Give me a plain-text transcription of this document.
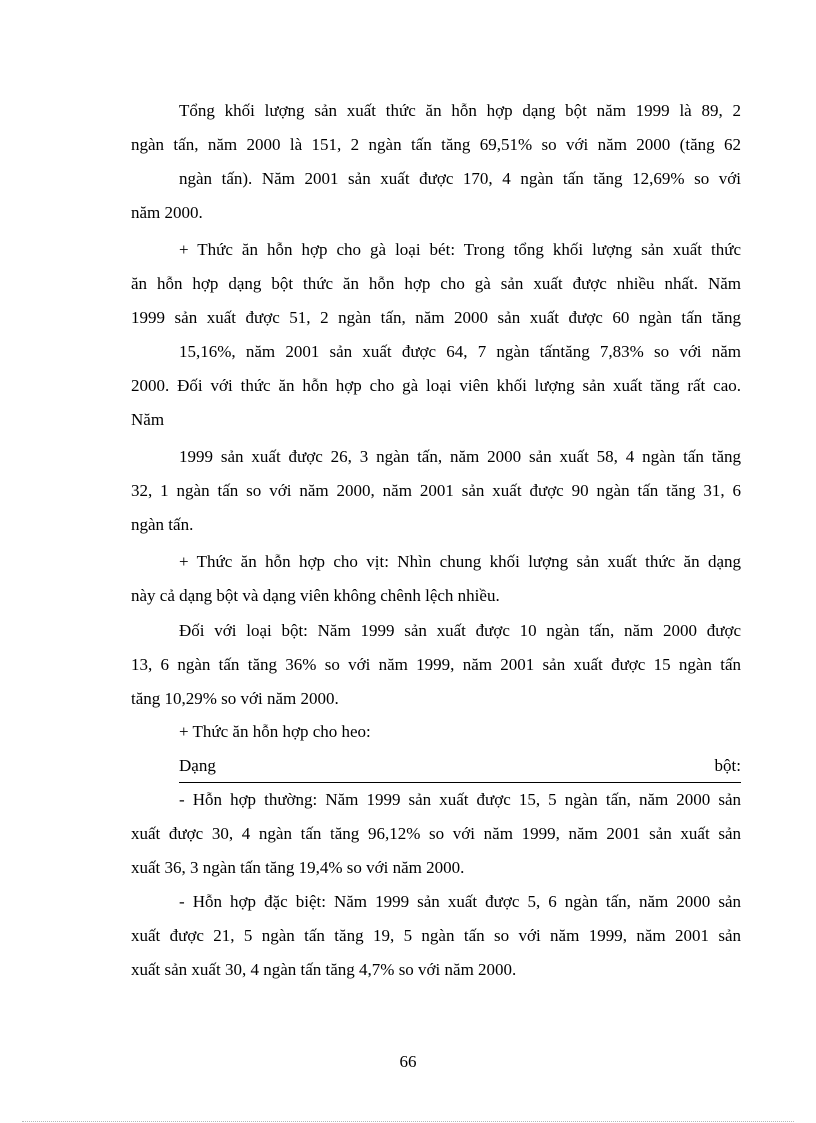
Tổng khối lượng sản xuất thức ăn hỗn hợp dạng bột năm 1999 là 89, 2
ngàn tấn, năm 2000 là 151, 2 ngàn tấn tăng 69,51% so với năm 2000 (tăng 62
ngàn tấn). Năm 2001 sản xuất được 170, 4 ngàn tấn tăng 12,69% so với
năm 2000.
+ Thức ăn hỗn hợp cho gà loại bét: Trong tổng khối lượng sản xuất thức
ăn hỗn hợp dạng bột thức ăn hỗn hợp cho gà sản xuất được nhiều nhất. Năm
1999 sản xuất được 51, 2 ngàn tấn, năm 2000 sản xuất được 60 ngàn tấn tăng
15,16%, năm 2001 sản xuất được 64, 7 ngàn tấntăng 7,83% so với năm
2000. Đối với thức ăn hỗn hợp cho gà loại viên khối lượng sản xuất tăng rất cao.
Năm
1999 sản xuất được 26, 3 ngàn tấn, năm 2000 sản xuất 58, 4 ngàn tấn tăng
32, 1 ngàn tấn so với năm 2000, năm 2001 sản xuất được 90 ngàn tấn tăng 31, 6
ngàn tấn.
+ Thức ăn hỗn hợp cho vịt: Nhìn chung khối lượng sản xuất thức ăn dạng
này cả dạng bột và dạng viên không chênh lệch nhiều.
Đối với loại bột: Năm 1999 sản xuất được 10 ngàn tấn, năm 2000 được
13, 6 ngàn tấn tăng 36% so với năm 1999, năm 2001 sản xuất được 15 ngàn tấn
tăng 10,29% so với năm 2000.
+ Thức ăn hỗn hợp cho heo:
Dạng	bột:
- Hỗn hợp thường: Năm 1999 sản xuất được 15, 5 ngàn tấn, năm 2000 sản
xuất được 30, 4 ngàn tấn tăng 96,12% so với năm 1999, năm 2001 sản xuất sản
xuất 36, 3 ngàn tấn tăng 19,4% so với năm 2000.
- Hỗn hợp đặc biệt: Năm 1999 sản xuất được 5, 6 ngàn tấn, năm 2000 sản
xuất được 21, 5 ngàn tấn tăng 19, 5 ngàn tấn so với năm 1999, năm 2001 sản
xuất sản xuất 30, 4 ngàn tấn tăng 4,7% so với năm 2000.
66
